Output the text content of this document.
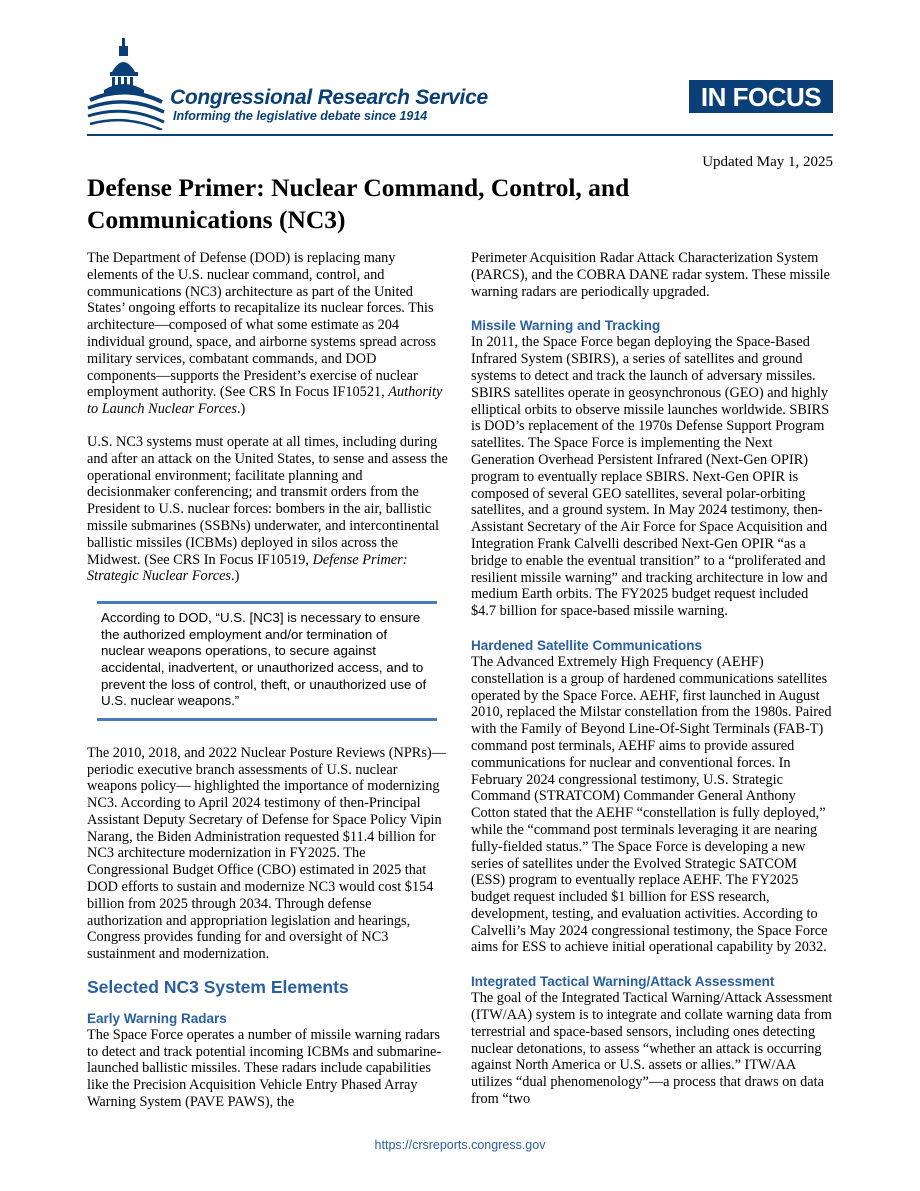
Congressional Research Service
Informing the legislative debate since 1914
IN FOCUS
Updated May 1, 2025
Defense Primer: Nuclear Command, Control, and Communications (NC3)

The Department of Defense (DOD) is replacing many elements of the U.S. nuclear command, control, and communications (NC3) architecture as part of the United States’ ongoing efforts to recapitalize its nuclear forces. This architecture—composed of what some estimate as 204 individual ground, space, and airborne systems spread across military services, combatant commands, and DOD components—supports the President’s exercise of nuclear employment authority. (See CRS In Focus IF10521, Authority to Launch Nuclear Forces.)

U.S. NC3 systems must operate at all times, including during and after an attack on the United States, to sense and assess the operational environment; facilitate planning and decisionmaker conferencing; and transmit orders from the President to U.S. nuclear forces: bombers in the air, ballistic missile submarines (SSBNs) underwater, and intercontinental ballistic missiles (ICBMs) deployed in silos across the Midwest. (See CRS In Focus IF10519, Defense Primer: Strategic Nuclear Forces.)

According to DOD, “U.S. [NC3] is necessary to ensure the authorized employment and/or termination of nuclear weapons operations, to secure against accidental, inadvertent, or unauthorized access, and to prevent the loss of control, theft, or unauthorized use of U.S. nuclear weapons.”

The 2010, 2018, and 2022 Nuclear Posture Reviews (NPRs)—periodic executive branch assessments of U.S. nuclear weapons policy— highlighted the importance of modernizing NC3. According to April 2024 testimony of then-Principal Assistant Deputy Secretary of Defense for Space Policy Vipin Narang, the Biden Administration requested $11.4 billion for NC3 architecture modernization in FY2025. The Congressional Budget Office (CBO) estimated in 2025 that DOD efforts to sustain and modernize NC3 would cost $154 billion from 2025 through 2034. Through defense authorization and appropriation legislation and hearings, Congress provides funding for and oversight of NC3 sustainment and modernization.

Selected NC3 System Elements
Early Warning Radars

The Space Force operates a number of missile warning radars to detect and track potential incoming ICBMs and submarine-launched ballistic missiles. These radars include capabilities like the Precision Acquisition Vehicle Entry Phased Array Warning System (PAVE PAWS), the

Perimeter Acquisition Radar Attack Characterization System (PARCS), and the COBRA DANE radar system. These missile warning radars are periodically upgraded.

Missile Warning and Tracking

In 2011, the Space Force began deploying the Space-Based Infrared System (SBIRS), a series of satellites and ground systems to detect and track the launch of adversary missiles. SBIRS satellites operate in geosynchronous (GEO) and highly elliptical orbits to observe missile launches worldwide. SBIRS is DOD’s replacement of the 1970s Defense Support Program satellites. The Space Force is implementing the Next Generation Overhead Persistent Infrared (Next-Gen OPIR) program to eventually replace SBIRS. Next-Gen OPIR is composed of several GEO satellites, several polar-orbiting satellites, and a ground system. In May 2024 testimony, then-Assistant Secretary of the Air Force for Space Acquisition and Integration Frank Calvelli described Next-Gen OPIR “as a bridge to enable the eventual transition” to a “proliferated and resilient missile warning” and tracking architecture in low and medium Earth orbits. The FY2025 budget request included $4.7 billion for space-based missile warning.

Hardened Satellite Communications

The Advanced Extremely High Frequency (AEHF) constellation is a group of hardened communications satellites operated by the Space Force. AEHF, first launched in August 2010, replaced the Milstar constellation from the 1980s. Paired with the Family of Beyond Line-Of-Sight Terminals (FAB-T) command post terminals, AEHF aims to provide assured communications for nuclear and conventional forces. In February 2024 congressional testimony, U.S. Strategic Command (STRATCOM) Commander General Anthony Cotton stated that the AEHF “constellation is fully deployed,” while the “command post terminals leveraging it are nearing fully-fielded status.” The Space Force is developing a new series of satellites under the Evolved Strategic SATCOM (ESS) program to eventually replace AEHF. The FY2025 budget request included $1 billion for ESS research, development, testing, and evaluation activities. According to Calvelli’s May 2024 congressional testimony, the Space Force aims for ESS to achieve initial operational capability by 2032.

Integrated Tactical Warning/Attack Assessment

The goal of the Integrated Tactical Warning/Attack Assessment (ITW/AA) system is to integrate and collate warning data from terrestrial and space-based sensors, including ones detecting nuclear detonations, to assess “whether an attack is occurring against North America or U.S. assets or allies.” ITW/AA utilizes “dual phenomenology”—a process that draws on data from “two

https://crsreports.congress.gov
